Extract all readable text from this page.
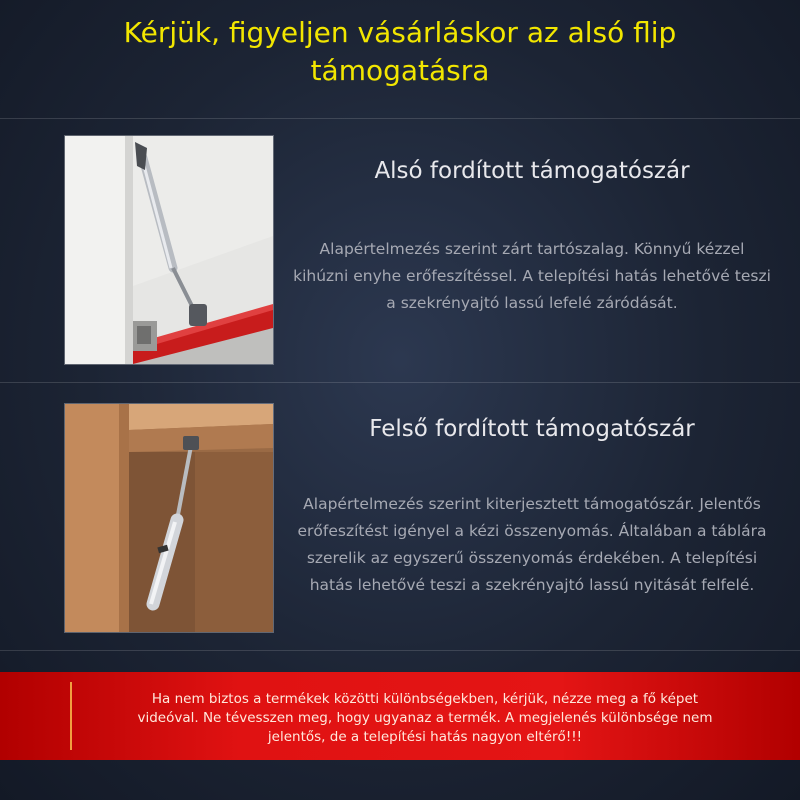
Kérjük, figyeljen vásárláskor az alsó flip támogatásra
Alsó fordított támogatószár
Alapértelmezés szerint zárt tartószalag. Könnyű kézzel kihúzni enyhe erőfeszítéssel. A telepítési hatás lehetővé teszi a szekrényajtó lassú lefelé záródását.
Felső fordított támogatószár
Alapértelmezés szerint kiterjesztett támogatószár. Jelentős erőfeszítést igényel a kézi összenyomás. Általában a táblára szerelik az egyszerű összenyomás érdekében. A telepítési hatás lehetővé teszi a szekrényajtó lassú nyitását felfelé.
Ha nem biztos a termékek közötti különbségekben, kérjük, nézze meg a fő képet videóval. Ne tévesszen meg, hogy ugyanaz a termék. A megjelenés különbsége nem jelentős, de a telepítési hatás nagyon eltérő!!!
